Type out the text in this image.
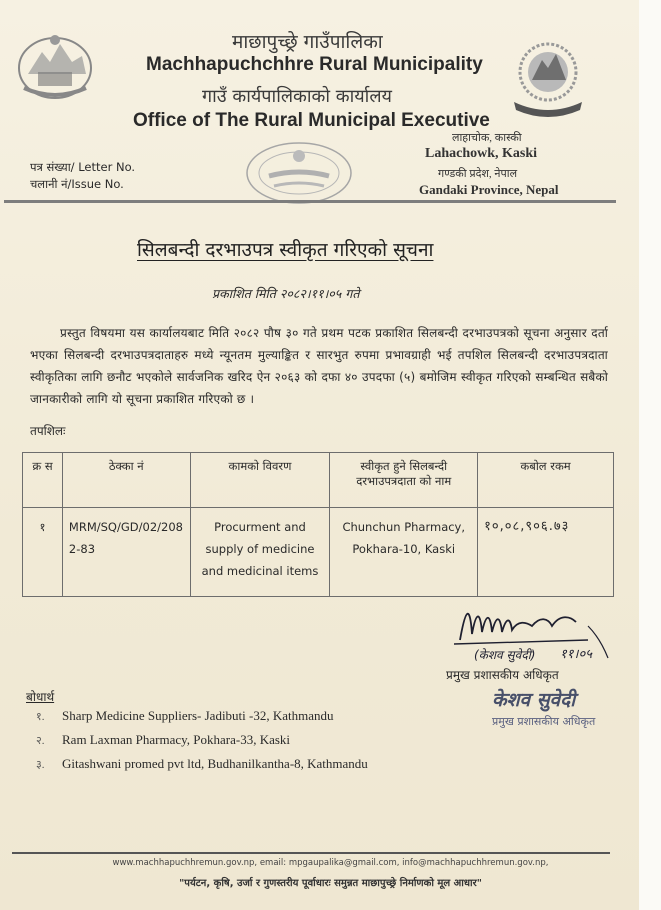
माछापुच्छ्रे गाउँपालिका
Machhapuchchhre Rural Municipality
गाउँ कार्यपालिकाको कार्यालय
Office of The Rural Municipal Executive
पत्र संख्या/ Letter No.
चलानी नं/Issue No.
लाहाचोक, कास्की
Lahachowk, Kaski
गण्डकी प्रदेश, नेपाल
Gandaki Province, Nepal
सिलबन्दी दरभाउपत्र स्वीकृत गरिएको सूचना
प्रकाशित मिति २०८२।११।०५ गते
प्रस्तुत विषयमा यस कार्यालयबाट मिति २०८२ पौष ३० गते प्रथम पटक प्रकाशित सिलबन्दी दरभाउपत्रको सूचना अनुसार दर्ता भएका सिलबन्दी दरभाउपत्रदाताहरु मध्ये न्यूनतम मुल्याङ्कित र सारभुत रुपमा प्रभावग्राही भई तपशिल सिलबन्दी दरभाउपत्रदाता स्वीकृतिका लागि छनौट भएकोले सार्वजनिक खरिद ऐन २०६३ को दफा ४० उपदफा (५) बमोजिम स्वीकृत गरिएको सम्बन्धित सबैको जानकारीको लागि यो सूचना प्रकाशित गरिएको छ ।
तपशिलः
क्र स	ठेक्का नं	कामको विवरण	स्वीकृत हुने सिलबन्दी दरभाउपत्रदाता को नाम	कबोल रकम
१	MRM/SQ/GD/02/2082-83	Procurment and supply of medicine and medicinal items	Chunchun Pharmacy, Pokhara-10, Kaski	१०,०८,९०६.७३
(केशव सुवेदी) ११।०५
प्रमुख प्रशासकीय अधिकृत
केशव सुवेदी
प्रमुख प्रशासकीय अधिकृत
बोधार्थ
१. Sharp Medicine Suppliers- Jadibuti -32, Kathmandu
२. Ram Laxman Pharmacy, Pokhara-33, Kaski
३. Gitashwani promed pvt ltd, Budhanilkantha-8, Kathmandu
www.machhapuchhremun.gov.np, email: mpgaupalika@gmail.com, info@machhapuchhremun.gov.np,
"पर्यटन, कृषि, उर्जा र गुणस्तरीय पूर्वाधारः समुन्नत माछापुच्छ्रे निर्माणको मूल आधार"
